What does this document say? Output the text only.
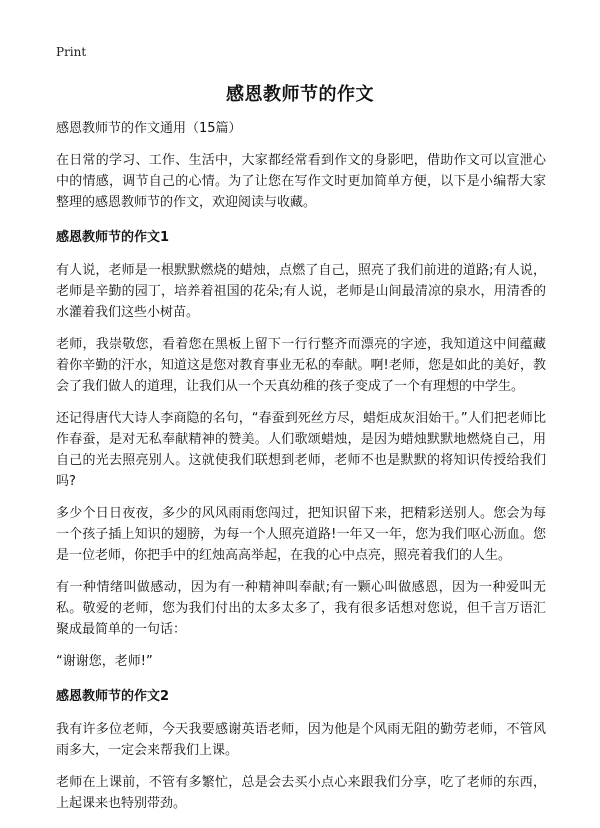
Print
感恩教师节的作文
感恩教师节的作文通用（15篇）

在日常的学习、工作、生活中，大家都经常看到作文的身影吧，借助作文可以宣泄心中的情感，调节自己的心情。为了让您在写作文时更加简单方便，以下是小编帮大家整理的感恩教师节的作文，欢迎阅读与收藏。

感恩教师节的作文1

有人说，老师是一根默默燃烧的蜡烛，点燃了自己，照亮了我们前进的道路;有人说，老师是辛勤的园丁，培养着祖国的花朵;有人说，老师是山间最清凉的泉水，用清香的水灌着我们这些小树苗。

老师，我崇敬您，看着您在黑板上留下一行行整齐而漂亮的字迹，我知道这中间蕴藏着你辛勤的汗水，知道这是您对教育事业无私的奉献。啊!老师，您是如此的美好，教会了我们做人的道理，让我们从一个天真幼稚的孩子变成了一个有理想的中学生。

还记得唐代大诗人李商隐的名句，“春蚕到死丝方尽，蜡炬成灰泪始干。”人们把老师比作春蚕，是对无私奉献精神的赞美。人们歌颂蜡烛，是因为蜡烛默默地燃烧自己，用自己的光去照亮别人。这就使我们联想到老师，老师不也是默默的将知识传授给我们吗?

多少个日日夜夜，多少的风风雨雨您闯过，把知识留下来，把精彩送别人。您会为每一个孩子插上知识的翅膀，为每一个人照亮道路!一年又一年，您为我们呕心沥血。您是一位老师，你把手中的红烛高高举起，在我的心中点亮，照亮着我们的人生。

有一种情绪叫做感动，因为有一种精神叫奉献;有一颗心叫做感恩，因为一种爱叫无私。敬爱的老师，您为我们付出的太多太多了，我有很多话想对您说，但千言万语汇聚成最简单的一句话：

“谢谢您，老师!”

感恩教师节的作文2

我有许多位老师，今天我要感谢英语老师，因为他是个风雨无阻的勤劳老师，不管风雨多大，一定会来帮我们上课。

老师在上课前，不管有多繁忙，总是会去买小点心来跟我们分享，吃了老师的东西，上起课来也特别带劲。
